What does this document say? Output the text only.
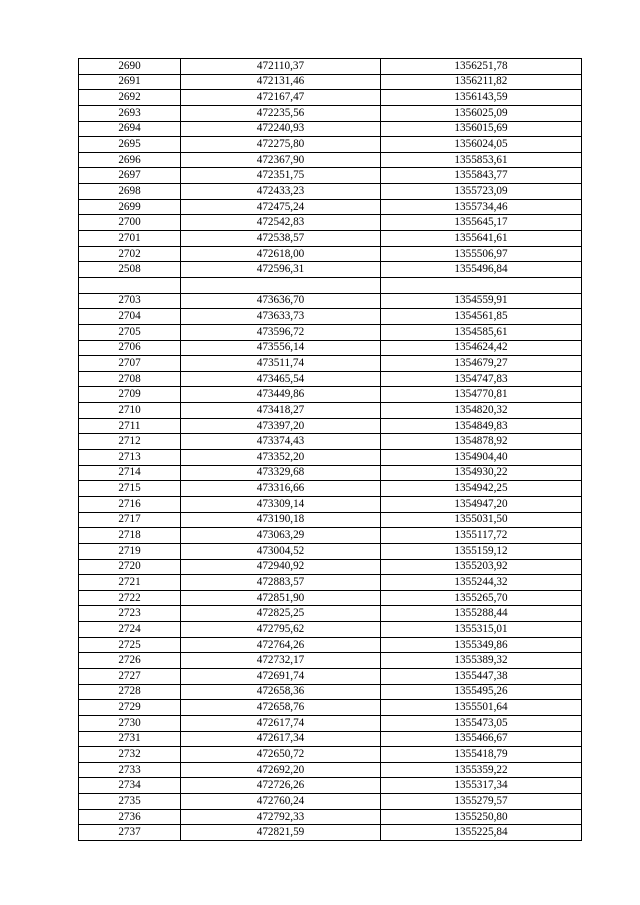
2690	472110,37	1356251,78
2691	472131,46	1356211,82
2692	472167,47	1356143,59
2693	472235,56	1356025,09
2694	472240,93	1356015,69
2695	472275,80	1356024,05
2696	472367,90	1355853,61
2697	472351,75	1355843,77
2698	472433,23	1355723,09
2699	472475,24	1355734,46
2700	472542,83	1355645,17
2701	472538,57	1355641,61
2702	472618,00	1355506,97
2508	472596,31	1355496,84

2703	473636,70	1354559,91
2704	473633,73	1354561,85
2705	473596,72	1354585,61
2706	473556,14	1354624,42
2707	473511,74	1354679,27
2708	473465,54	1354747,83
2709	473449,86	1354770,81
2710	473418,27	1354820,32
2711	473397,20	1354849,83
2712	473374,43	1354878,92
2713	473352,20	1354904,40
2714	473329,68	1354930,22
2715	473316,66	1354942,25
2716	473309,14	1354947,20
2717	473190,18	1355031,50
2718	473063,29	1355117,72
2719	473004,52	1355159,12
2720	472940,92	1355203,92
2721	472883,57	1355244,32
2722	472851,90	1355265,70
2723	472825,25	1355288,44
2724	472795,62	1355315,01
2725	472764,26	1355349,86
2726	472732,17	1355389,32
2727	472691,74	1355447,38
2728	472658,36	1355495,26
2729	472658,76	1355501,64
2730	472617,74	1355473,05
2731	472617,34	1355466,67
2732	472650,72	1355418,79
2733	472692,20	1355359,22
2734	472726,26	1355317,34
2735	472760,24	1355279,57
2736	472792,33	1355250,80
2737	472821,59	1355225,84
